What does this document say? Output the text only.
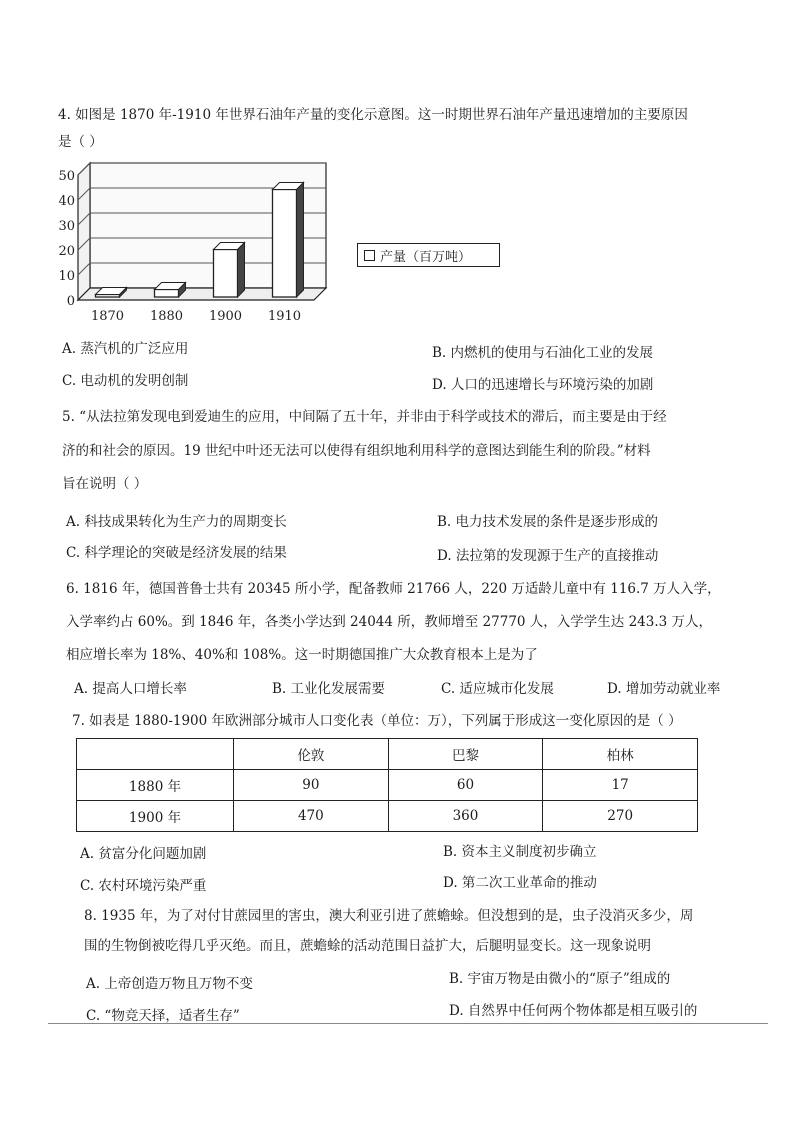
4. 如图是 1870 年-1910 年世界石油年产量的变化示意图。这一时期世界石油年产量迅速增加的主要原因
是（ ）
0
10
20
30
40
50
1870 1880 1900 1910
产量（百万吨）
A. 蒸汽机的广泛应用	B. 内燃机的使用与石油化工业的发展
C. 电动机的发明创制	D. 人口的迅速增长与环境污染的加剧
5. “从法拉第发现电到爱迪生的应用，中间隔了五十年，并非由于科学或技术的滞后，而主要是由于经
济的和社会的原因。19 世纪中叶还无法可以使得有组织地利用科学的意图达到能生利的阶段。”材料
旨在说明（ ）
A. 科技成果转化为生产力的周期变长	B. 电力技术发展的条件是逐步形成的
C. 科学理论的突破是经济发展的结果	D. 法拉第的发现源于生产的直接推动
6. 1816 年，德国普鲁士共有 20345 所小学，配备教师 21766 人，220 万适龄儿童中有 116.7 万人入学，
入学率约占 60%。到 1846 年，各类小学达到 24044 所，教师增至 27770 人，入学学生达 243.3 万人，
相应增长率为 18%、40%和 108%。这一时期德国推广大众教育根本上是为了
A. 提高人口增长率	B. 工业化发展需要	C. 适应城市化发展	D. 增加劳动就业率
7. 如表是 1880-1900 年欧洲部分城市人口变化表（单位：万），下列属于形成这一变化原因的是（ ）
	伦敦	巴黎	柏林
1880 年	90	60	17
1900 年	470	360	270
A. 贫富分化问题加剧	B. 资本主义制度初步确立
C. 农村环境污染严重	D. 第二次工业革命的推动
8. 1935 年，为了对付甘蔗园里的害虫，澳大利亚引进了蔗蟾蜍。但没想到的是，虫子没消灭多少，周
围的生物倒被吃得几乎灭绝。而且，蔗蟾蜍的活动范围日益扩大，后腿明显变长。这一现象说明
A. 上帝创造万物且万物不变	B. 宇宙万物是由微小的“原子”组成的
C. “物竞天择，适者生存”	D. 自然界中任何两个物体都是相互吸引的
